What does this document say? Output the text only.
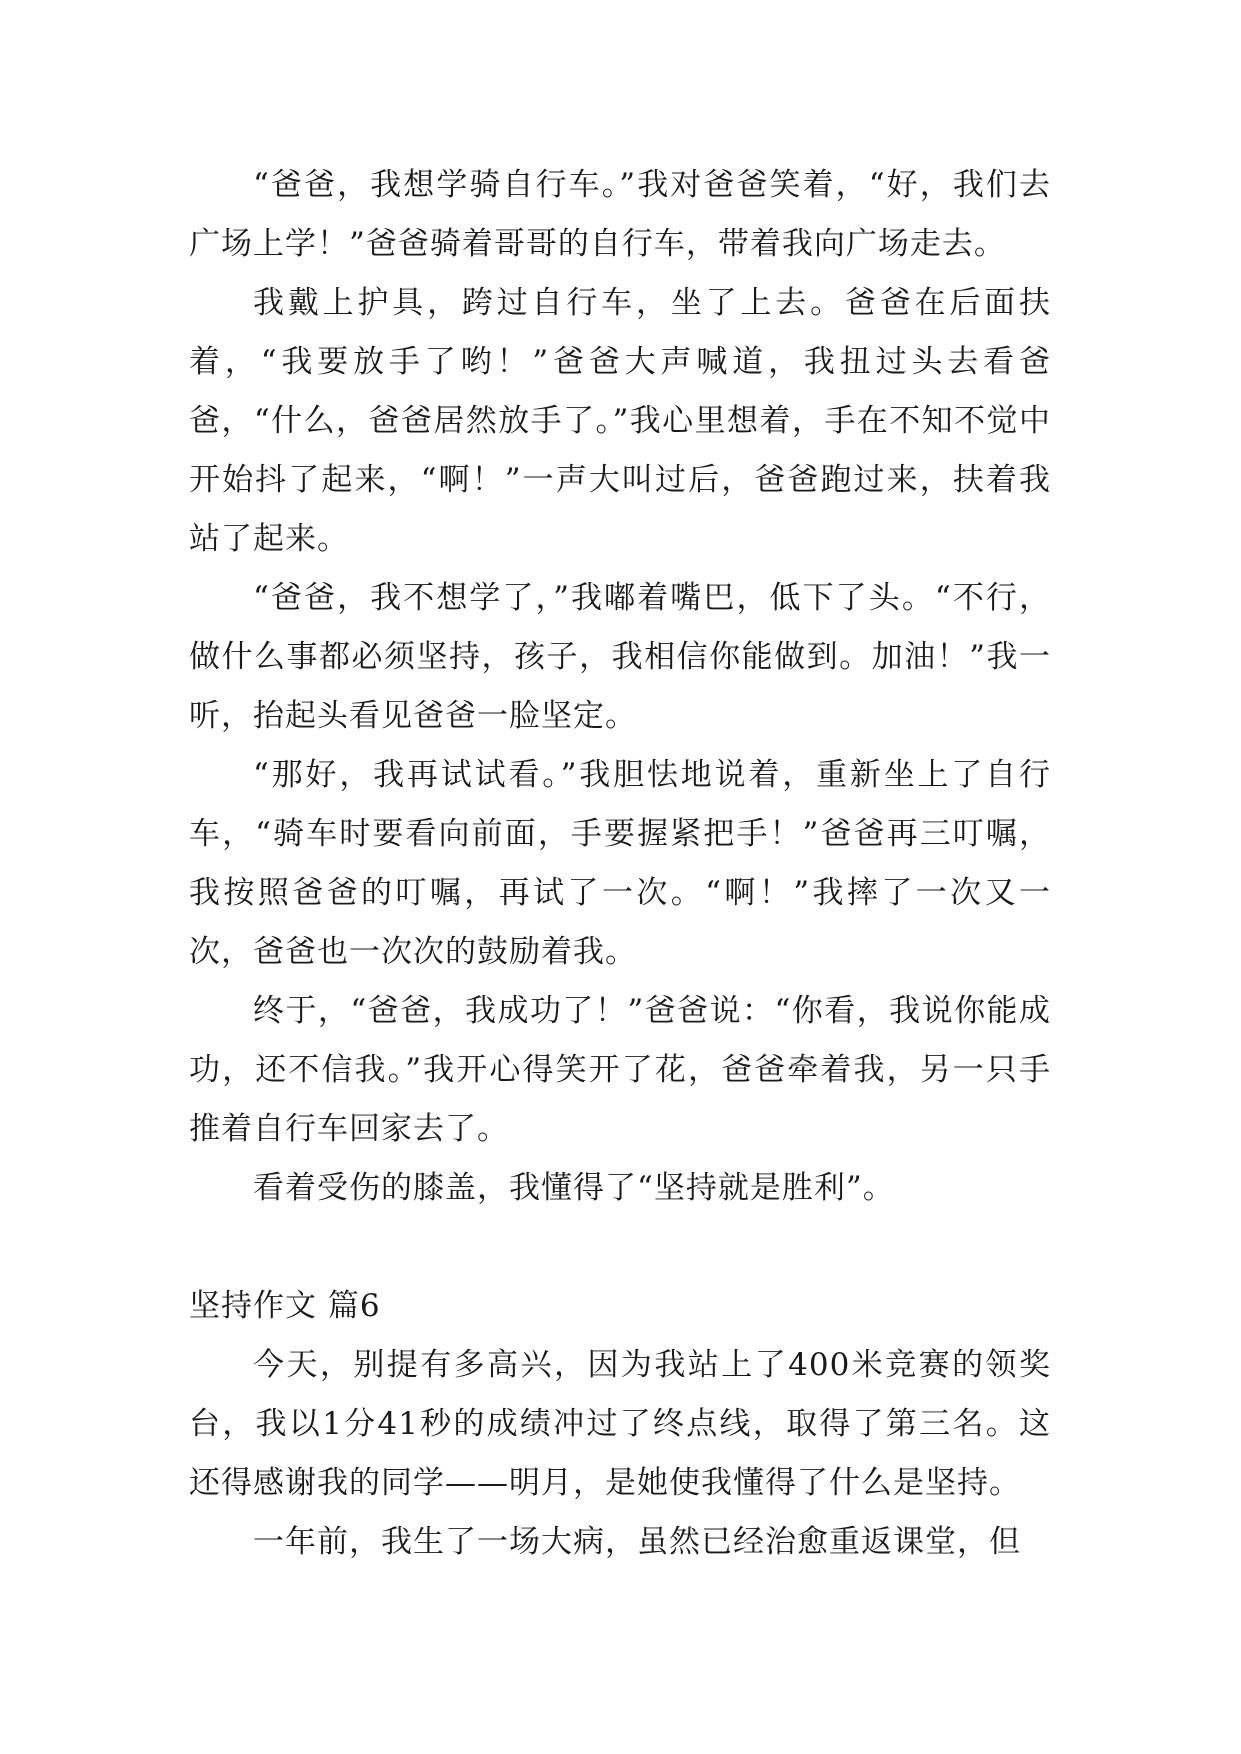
“爸爸，我想学骑自行车。”我对爸爸笑着，“好，我们去广场上学！”爸爸骑着哥哥的自行车，带着我向广场走去。

我戴上护具，跨过自行车，坐了上去。爸爸在后面扶着，“我要放手了哟！”爸爸大声喊道，我扭过头去看爸爸，“什么，爸爸居然放手了。”我心里想着，手在不知不觉中开始抖了起来，“啊！”一声大叫过后，爸爸跑过来，扶着我站了起来。

“爸爸，我不想学了，”我嘟着嘴巴，低下了头。“不行，做什么事都必须坚持，孩子，我相信你能做到。加油！”我一听，抬起头看见爸爸一脸坚定。

“那好，我再试试看。”我胆怯地说着，重新坐上了自行车，“骑车时要看向前面，手要握紧把手！”爸爸再三叮嘱，我按照爸爸的叮嘱，再试了一次。“啊！”我摔了一次又一次，爸爸也一次次的鼓励着我。

终于，“爸爸，我成功了！”爸爸说：“你看，我说你能成功，还不信我。”我开心得笑开了花，爸爸牵着我，另一只手推着自行车回家去了。

看着受伤的膝盖，我懂得了“坚持就是胜利”。

坚持作文 篇6

今天，别提有多高兴，因为我站上了400米竞赛的领奖台，我以1分41秒的成绩冲过了终点线，取得了第三名。这还得感谢我的同学——明月，是她使我懂得了什么是坚持。

一年前，我生了一场大病，虽然已经治愈重返课堂，但
